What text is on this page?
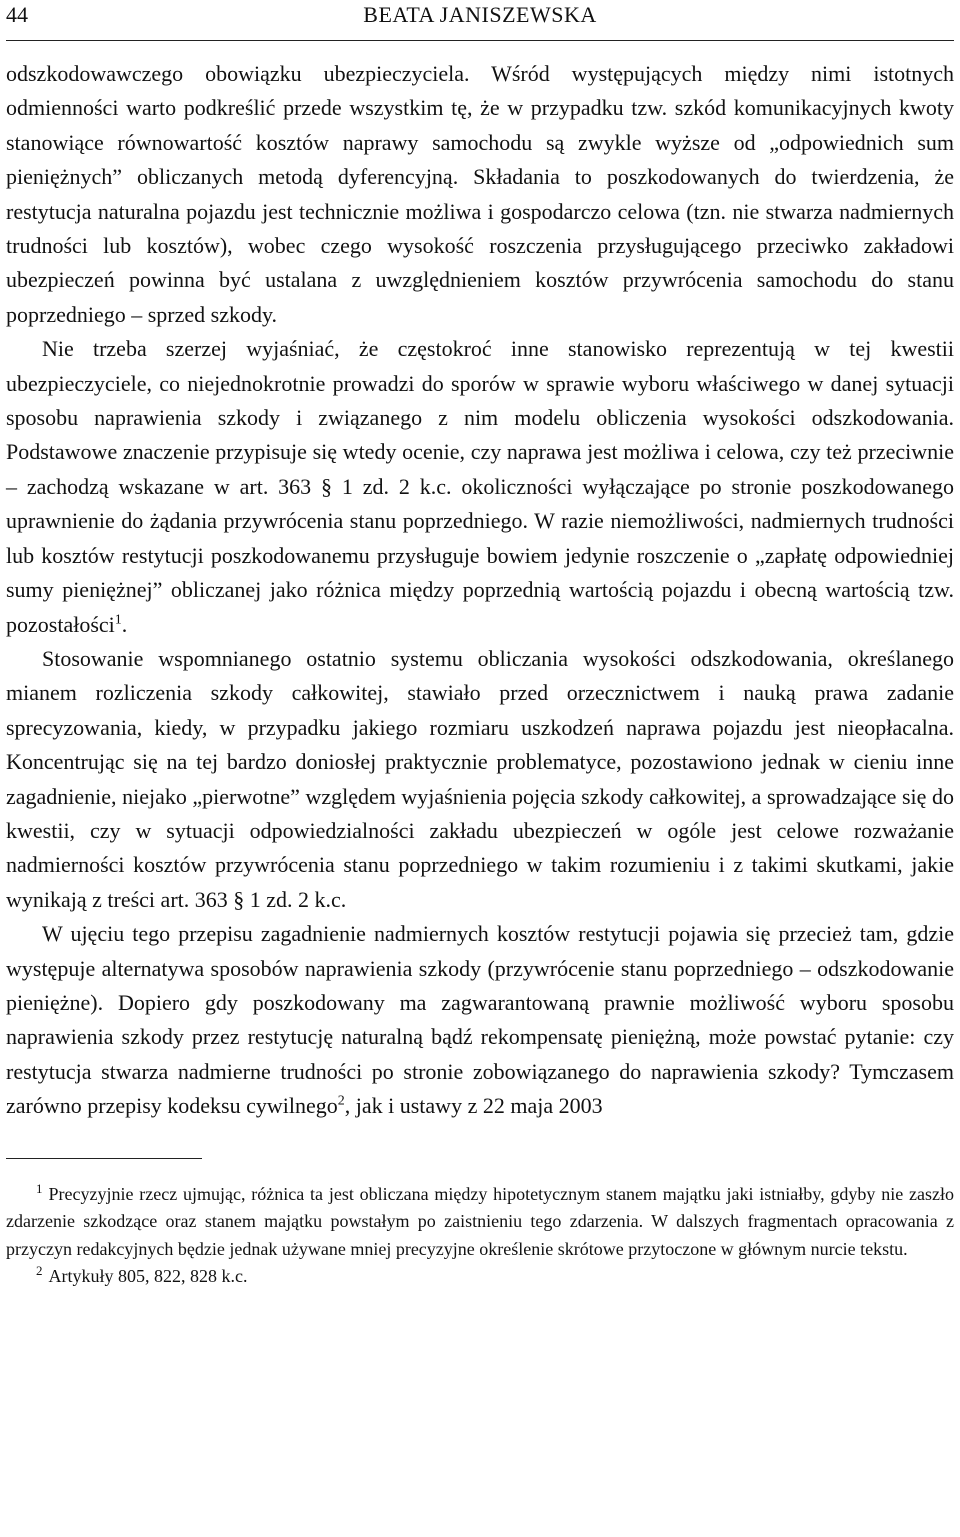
44	BEATA JANISZEWSKA

odszkodowawczego obowiązku ubezpieczyciela. Wśród występujących między nimi istotnych odmienności warto podkreślić przede wszystkim tę, że w przypadku tzw. szkód komunikacyjnych kwoty stanowiące równowartość kosztów naprawy samochodu są zwykle wyższe od „odpowiednich sum pieniężnych” obliczanych metodą dyferencyjną. Składania to poszkodowanych do twierdzenia, że restytucja naturalna pojazdu jest technicznie możliwa i gospodarczo celowa (tzn. nie stwarza nadmiernych trudności lub kosztów), wobec czego wysokość roszczenia przysługującego przeciwko zakładowi ubezpieczeń powinna być ustalana z uwzględnieniem kosztów przywrócenia samochodu do stanu poprzedniego – sprzed szkody.

Nie trzeba szerzej wyjaśniać, że częstokroć inne stanowisko reprezentują w tej kwestii ubezpieczyciele, co niejednokrotnie prowadzi do sporów w sprawie wyboru właściwego w danej sytuacji sposobu naprawienia szkody i związanego z nim modelu obliczenia wysokości odszkodowania. Podstawowe znaczenie przypisuje się wtedy ocenie, czy naprawa jest możliwa i celowa, czy też przeciwnie – zachodzą wskazane w art. 363 § 1 zd. 2 k.c. okoliczności wyłączające po stronie poszkodowanego uprawnienie do żądania przywrócenia stanu poprzedniego. W razie niemożliwości, nadmiernych trudności lub kosztów restytucji poszkodowanemu przysługuje bowiem jedynie roszczenie o „zapłatę odpowiedniej sumy pieniężnej” obliczanej jako różnica między poprzednią wartością pojazdu i obecną wartością tzw. pozostałości$^1$.

Stosowanie wspomnianego ostatnio systemu obliczania wysokości odszkodowania, określanego mianem rozliczenia szkody całkowitej, stawiało przed orzecznictwem i nauką prawa zadanie sprecyzowania, kiedy, w przypadku jakiego rozmiaru uszkodzeń naprawa pojazdu jest nieopłacalna. Koncentrując się na tej bardzo doniosłej praktycznie problematyce, pozostawiono jednak w cieniu inne zagadnienie, niejako „pierwotne” względem wyjaśnienia pojęcia szkody całkowitej, a sprowadzające się do kwestii, czy w sytuacji odpowiedzialności zakładu ubezpieczeń w ogóle jest celowe rozważanie nadmierności kosztów przywrócenia stanu poprzedniego w takim rozumieniu i z takimi skutkami, jakie wynikają z treści art. 363 § 1 zd. 2 k.c.

W ujęciu tego przepisu zagadnienie nadmiernych kosztów restytucji pojawia się przecież tam, gdzie występuje alternatywa sposobów naprawienia szkody (przywrócenie stanu poprzedniego – odszkodowanie pieniężne). Dopiero gdy poszkodowany ma zagwarantowaną prawnie możliwość wyboru sposobu naprawienia szkody przez restytucję naturalną bądź rekompensatę pieniężną, może powstać pytanie: czy restytucja stwarza nadmierne trudności po stronie zobowiązanego do naprawienia szkody? Tymczasem zarówno przepisy kodeksu cywilnego$^2$, jak i ustawy z 22 maja 2003

$^1$ Precyzyjnie rzecz ujmując, różnica ta jest obliczana między hipotetycznym stanem majątku jaki istniałby, gdyby nie zaszło zdarzenie szkodzące oraz stanem majątku powstałym po zaistnieniu tego zdarzenia. W dalszych fragmentach opracowania z przyczyn redakcyjnych będzie jednak używane mniej precyzyjne określenie skrótowe przytoczone w głównym nurcie tekstu.

$^2$ Artykuły 805, 822, 828 k.c.
